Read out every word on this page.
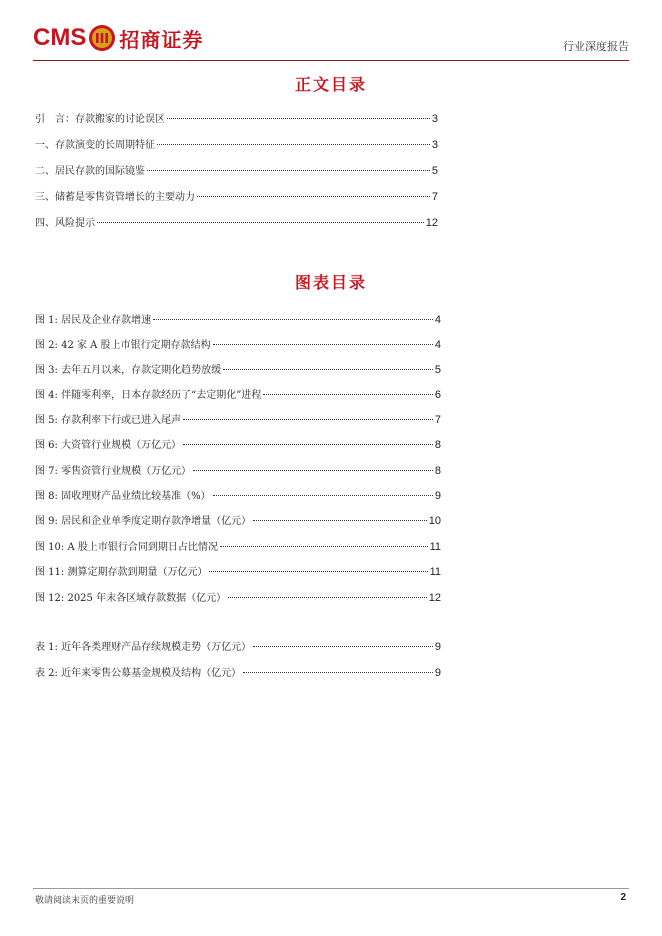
CMS 招商证券	行业深度报告
正文目录
引　言：存款搬家的讨论误区	3
一、存款演变的长周期特征	3
二、居民存款的国际镜鉴	5
三、储蓄是零售资管增长的主要动力	7
四、风险提示	12
图表目录
图 1: 居民及企业存款增速	4
图 2: 42 家 A 股上市银行定期存款结构	4
图 3: 去年五月以来，存款定期化趋势放缓	5
图 4: 伴随零利率，日本存款经历了“去定期化”进程	6
图 5: 存款利率下行或已进入尾声	7
图 6: 大资管行业规模（万亿元）	8
图 7: 零售资管行业规模（万亿元）	8
图 8: 固收理财产品业绩比较基准（%）	9
图 9: 居民和企业单季度定期存款净增量（亿元）	10
图 10: A 股上市银行合同到期日占比情况	11
图 11: 测算定期存款到期量（万亿元）	11
图 12: 2025 年末各区域存款数据（亿元）	12
表 1: 近年各类理财产品存续规模走势（万亿元）	9
表 2: 近年来零售公募基金规模及结构（亿元）	9
敬请阅读末页的重要说明	2
